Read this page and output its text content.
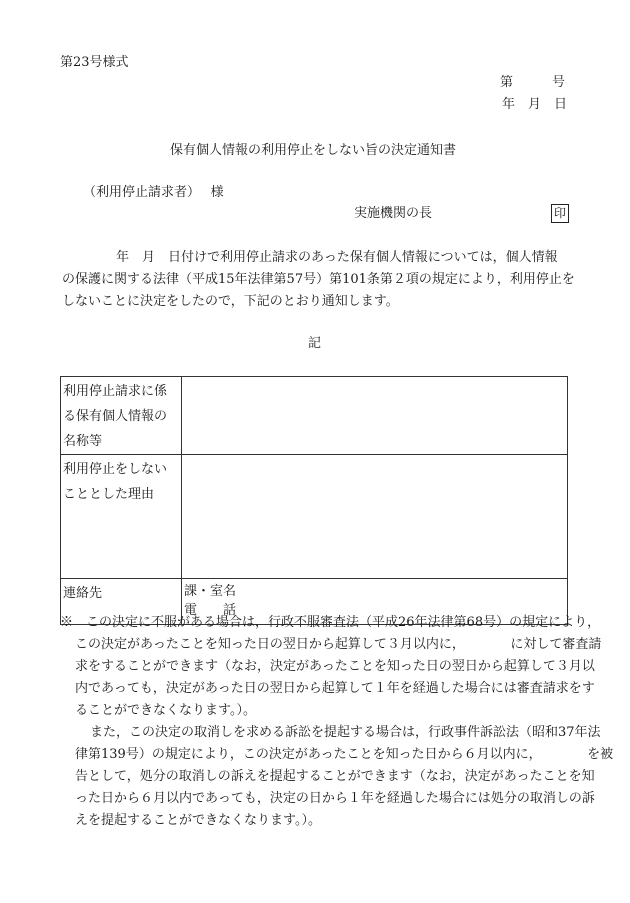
第23号様式
第　　　号
年　月　日
保有個人情報の利用停止をしない旨の決定通知書
（利用停止請求者）　 様
実施機関の長	印
年　月　日付けで利用停止請求のあった保有個人情報については，個人情報
の保護に関する法律（平成15年法律第57号）第101条第２項の規定により，利用停止を
しないことに決定をしたので，下記のとおり通知します。
記
利用停止請求に係
る保有個人情報の
名称等	

利用停止をしない
こととした理由	

連絡先	課・室名
電　　話
※　この決定に不服がある場合は，行政不服審査法（平成26年法律第68号）の規定により，
この決定があったことを知った日の翌日から起算して３月以内に，　　　　に対して審査請
求をすることができます（なお，決定があったことを知った日の翌日から起算して３月以
内であっても，決定があった日の翌日から起算して１年を経過した場合には審査請求をす
ることができなくなります。）。
また，この決定の取消しを求める訴訟を提起する場合は，行政事件訴訟法（昭和37年法
律第139号）の規定により，この決定があったことを知った日から６月以内に，　　　　を被
告として，処分の取消しの訴えを提起することができます（なお，決定があったことを知
った日から６月以内であっても，決定の日から１年を経過した場合には処分の取消しの訴
えを提起することができなくなります。）。
